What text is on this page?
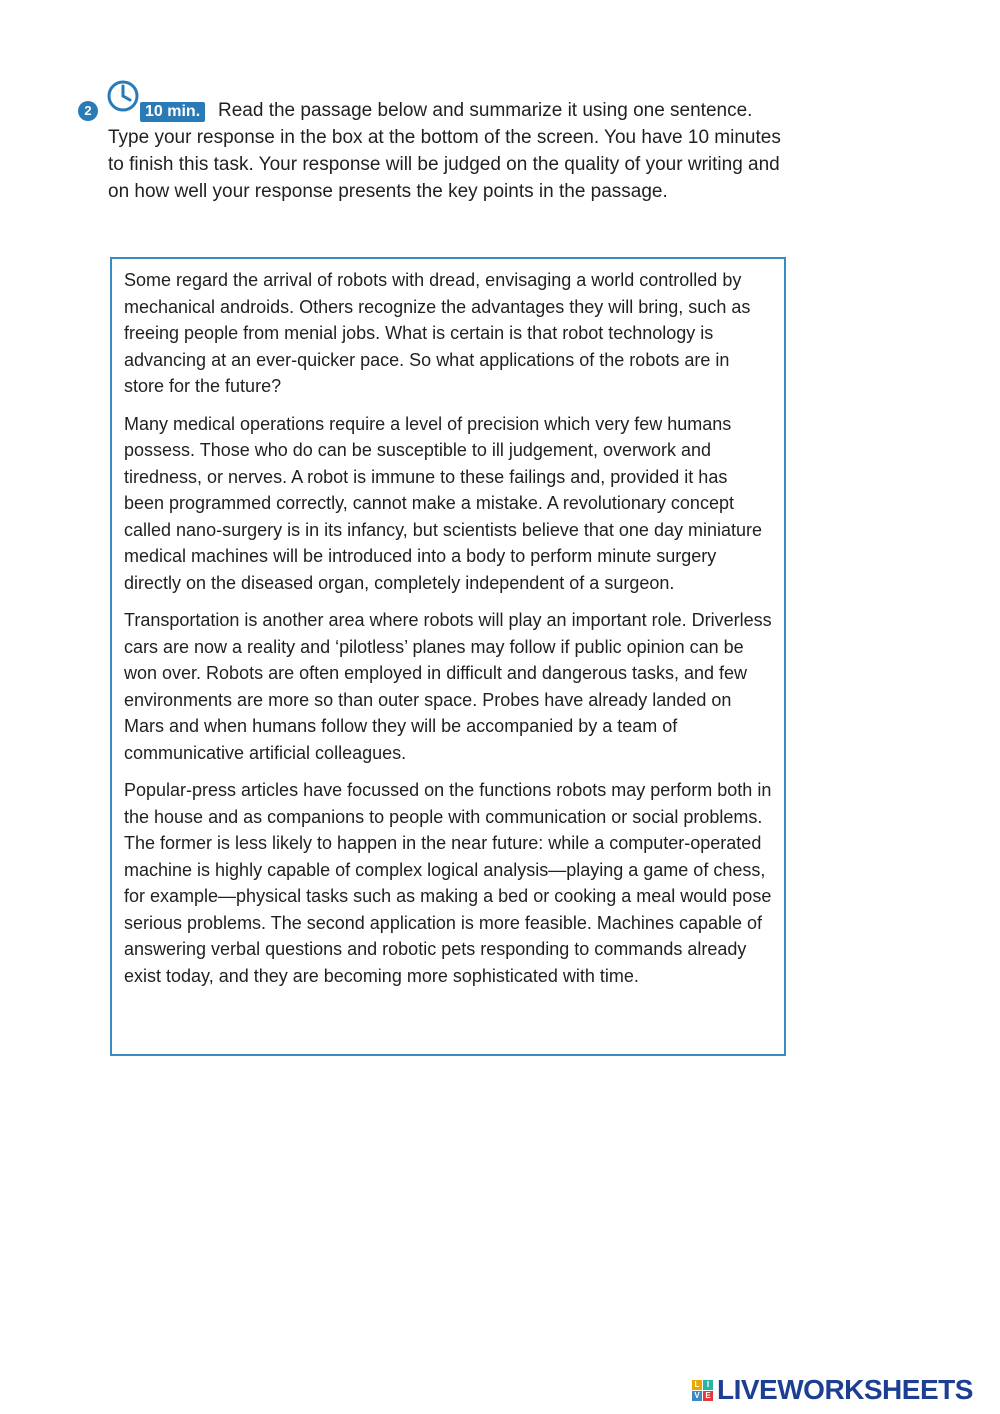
2	10 min. Read the passage below and summarize it using one sentence. Type your response in the box at the bottom of the screen. You have 10 minutes to finish this task. Your response will be judged on the quality of your writing and on how well your response presents the key points in the passage.

Some regard the arrival of robots with dread, envisaging a world controlled by mechanical androids. Others recognize the advantages they will bring, such as freeing people from menial jobs. What is certain is that robot technology is advancing at an ever-quicker pace. So what applications of the robots are in store for the future?

Many medical operations require a level of precision which very few humans possess. Those who do can be susceptible to ill judgement, overwork and tiredness, or nerves. A robot is immune to these failings and, provided it has been programmed correctly, cannot make a mistake. A revolutionary concept called nano-surgery is in its infancy, but scientists believe that one day miniature medical machines will be introduced into a body to perform minute surgery directly on the diseased organ, completely independent of a surgeon.

Transportation is another area where robots will play an important role. Driverless cars are now a reality and ‘pilotless’ planes may follow if public opinion can be won over. Robots are often employed in difficult and dangerous tasks, and few environments are more so than outer space. Probes have already landed on Mars and when humans follow they will be accompanied by a team of communicative artificial colleagues.

Popular-press articles have focussed on the functions robots may perform both in the house and as companions to people with communication or social problems. The former is less likely to happen in the near future: while a computer-operated machine is highly capable of complex logical analysis—playing a game of chess, for example—physical tasks such as making a bed or cooking a meal would pose serious problems. The second application is more feasible. Machines capable of answering verbal questions and robotic pets responding to commands already exist today, and they are becoming more sophisticated with time.

L I
V E LIVEWORKSHEETS
